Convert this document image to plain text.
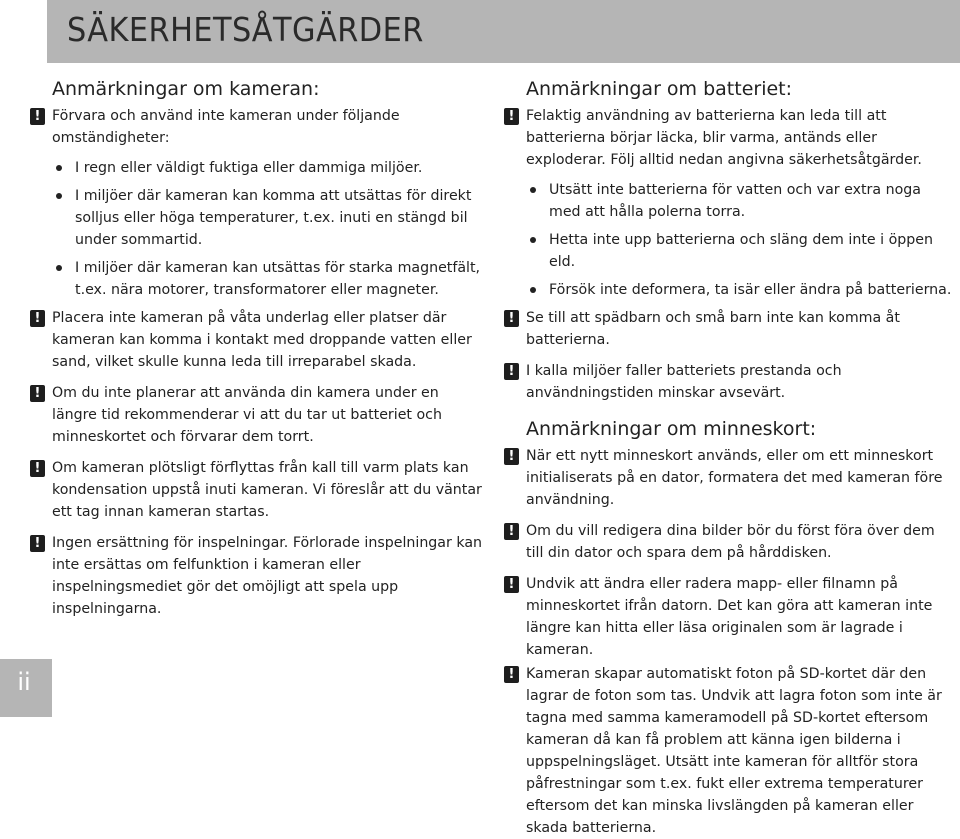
SÄKERHETSÅTGÄRDER
Anmärkningar om kameran:
! Förvara och använd inte kameran under följande omständigheter:
I regn eller väldigt fuktiga eller dammiga miljöer.
I miljöer där kameran kan komma att utsättas för direkt solljus eller höga temperaturer, t.ex. inuti en stängd bil under sommartid.
I miljöer där kameran kan utsättas för starka magnetfält, t.ex. nära motorer, transformatorer eller magneter.
! Placera inte kameran på våta underlag eller platser där kameran kan komma i kontakt med droppande vatten eller sand, vilket skulle kunna leda till irreparabel skada.
! Om du inte planerar att använda din kamera under en längre tid rekommenderar vi att du tar ut batteriet och minneskortet och förvarar dem torrt.
! Om kameran plötsligt förflyttas från kall till varm plats kan kondensation uppstå inuti kameran. Vi föreslår att du väntar ett tag innan kameran startas.
! Ingen ersättning för inspelningar. Förlorade inspelningar kan inte ersättas om felfunktion i kameran eller inspelningsmediet gör det omöjligt att spela upp inspelningarna.
Anmärkningar om batteriet:
! Felaktig användning av batterierna kan leda till att batterierna börjar läcka, blir varma, antänds eller exploderar. Följ alltid nedan angivna säkerhetsåtgärder.
Utsätt inte batterierna för vatten och var extra noga med att hålla polerna torra.
Hetta inte upp batterierna och släng dem inte i öppen eld.
Försök inte deformera, ta isär eller ändra på batterierna.
! Se till att spädbarn och små barn inte kan komma åt batterierna.
! I kalla miljöer faller batteriets prestanda och användningstiden minskar avsevärt.
Anmärkningar om minneskort:
! När ett nytt minneskort används, eller om ett minneskort initialiserats på en dator, formatera det med kameran före användning.
! Om du vill redigera dina bilder bör du först föra över dem till din dator och spara dem på hårddisken.
! Undvik att ändra eller radera mapp- eller filnamn på minneskortet ifrån datorn. Det kan göra att kameran inte längre kan hitta eller läsa originalen som är lagrade i kameran.
! Kameran skapar automatiskt foton på SD-kortet där den lagrar de foton som tas. Undvik att lagra foton som inte är tagna med samma kameramodell på SD-kortet eftersom kameran då kan få problem att känna igen bilderna i uppspelningsläget. Utsätt inte kameran för alltför stora påfrestningar som t.ex. fukt eller extrema temperaturer eftersom det kan minska livslängden på kameran eller skada batterierna.
ii
